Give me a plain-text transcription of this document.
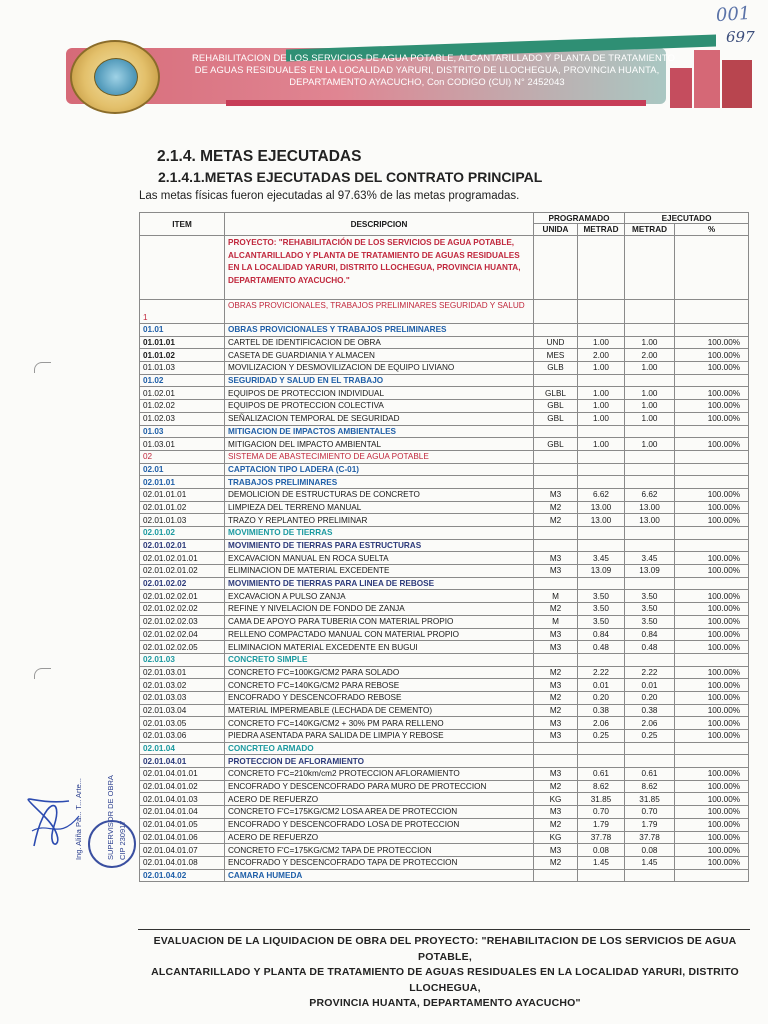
001
697
REHABILITACION DE LOS SERVICIOS DE AGUA POTABLE, ALCANTARILLADO Y PLANTA DE TRATAMIENTO
DE AGUAS RESIDUALES EN LA LOCALIDAD YARURI, DISTRITO DE LLOCHEGUA, PROVINCIA HUANTA,
DEPARTAMENTO AYACUCHO, Con CODIGO (CUI) N° 2452043
2.1.4. METAS EJECUTADAS
2.1.4.1.METAS EJECUTADAS DEL CONTRATO PRINCIPAL
Las metas físicas fueron ejecutadas al 97.63% de las metas programadas.
ITEM	DESCRIPCION	PROGRAMADO		EJECUTADO	
		UNIDA	METRAD	METRAD	%
	PROYECTO: "REHABILITACIÓN DE LOS SERVICIOS DE AGUA POTABLE, ALCANTARILLADO Y PLANTA DE TRATAMIENTO DE AGUAS RESIDUALES EN LA LOCALIDAD YARURI, DISTRITO LLOCHEGUA, PROVINCIA HUANTA, DEPARTAMENTO AYACUCHO."				
1	OBRAS PROVICIONALES, TRABAJOS PRELIMINARES SEGURIDAD Y SALUD				
01.01	OBRAS PROVICIONALES Y TRABAJOS PRELIMINARES				
01.01.01	CARTEL DE IDENTIFICACION DE OBRA	UND	1.00	1.00	100.00%
01.01.02	CASETA DE GUARDIANIA Y ALMACEN	MES	2.00	2.00	100.00%
01.01.03	MOVILIZACION Y DESMOVILIZACION DE EQUIPO LIVIANO	GLB	1.00	1.00	100.00%
01.02	SEGURIDAD Y SALUD EN EL TRABAJO				
01.02.01	EQUIPOS DE PROTECCION INDIVIDUAL	GLBL	1.00	1.00	100.00%
01.02.02	EQUIPOS DE PROTECCION COLECTIVA	GBL	1.00	1.00	100.00%
01.02.03	SEÑALIZACION TEMPORAL DE SEGURIDAD	GBL	1.00	1.00	100.00%
01.03	MITIGACION DE IMPACTOS AMBIENTALES				
01.03.01	MITIGACION DEL IMPACTO AMBIENTAL	GBL	1.00	1.00	100.00%
02	SISTEMA DE ABASTECIMIENTO DE AGUA POTABLE				
02.01	CAPTACION TIPO LADERA (C-01)				
02.01.01	TRABAJOS PRELIMINARES				
02.01.01.01	DEMOLICION DE ESTRUCTURAS DE CONCRETO	M3	6.62	6.62	100.00%
02.01.01.02	LIMPIEZA DEL TERRENO MANUAL	M2	13.00	13.00	100.00%
02.01.01.03	TRAZO Y REPLANTEO PRELIMINAR	M2	13.00	13.00	100.00%
02.01.02	MOVIMIENTO DE TIERRAS				
02.01.02.01	MOVIMIENTO DE TIERRAS PARA ESTRUCTURAS				
02.01.02.01.01	EXCAVACION MANUAL EN ROCA SUELTA	M3	3.45	3.45	100.00%
02.01.02.01.02	ELIMINACION DE MATERIAL EXCEDENTE	M3	13.09	13.09	100.00%
02.01.02.02	MOVIMIENTO DE TIERRAS PARA LINEA DE REBOSE				
02.01.02.02.01	EXCAVACION A PULSO ZANJA	M	3.50	3.50	100.00%
02.01.02.02.02	REFINE Y NIVELACION DE FONDO DE ZANJA	M2	3.50	3.50	100.00%
02.01.02.02.03	CAMA DE APOYO PARA TUBERIA CON MATERIAL PROPIO	M	3.50	3.50	100.00%
02.01.02.02.04	RELLENO COMPACTADO MANUAL CON MATERIAL PROPIO	M3	0.84	0.84	100.00%
02.01.02.02.05	ELIMINACION MATERIAL EXCEDENTE EN BUGUI	M3	0.48	0.48	100.00%
02.01.03	CONCRETO SIMPLE				
02.01.03.01	CONCRETO F'C=100KG/CM2 PARA SOLADO	M2	2.22	2.22	100.00%
02.01.03.02	CONCRETO F'C=140KG/CM2 PARA REBOSE	M3	0.01	0.01	100.00%
02.01.03.03	ENCOFRADO Y DESCENCOFRADO REBOSE	M2	0.20	0.20	100.00%
02.01.03.04	MATERIAL IMPERMEABLE (LECHADA DE CEMENTO)	M2	0.38	0.38	100.00%
02.01.03.05	CONCRETO F'C=140KG/CM2 + 30% PM PARA RELLENO	M3	2.06	2.06	100.00%
02.01.03.06	PIEDRA ASENTADA PARA SALIDA DE LIMPIA Y REBOSE	M3	0.25	0.25	100.00%
02.01.04	CONCRTEO ARMADO				
02.01.04.01	PROTECCION DE AFLORAMIENTO				
02.01.04.01.01	CONCRETO F'C=210km/cm2 PROTECCION AFLORAMIENTO	M3	0.61	0.61	100.00%
02.01.04.01.02	ENCOFRADO Y DESCENCOFRADO PARA MURO DE PROTECCION	M2	8.62	8.62	100.00%
02.01.04.01.03	ACERO DE REFUERZO	KG	31.85	31.85	100.00%
02.01.04.01.04	CONCRETO F'C=175KG/CM2 LOSA AREA DE PROTECCION	M3	0.70	0.70	100.00%
02.01.04.01.05	ENCOFRADO Y DESCENCOFRADO LOSA DE PROTECCION	M2	1.79	1.79	100.00%
02.01.04.01.06	ACERO DE REFUERZO	KG	37.78	37.78	100.00%
02.01.04.01.07	CONCRETO F'C=175KG/CM2 TAPA DE PROTECCION	M3	0.08	0.08	100.00%
02.01.04.01.08	ENCOFRADO Y DESCENCOFRADO TAPA DE PROTECCION	M2	1.45	1.45	100.00%
02.01.04.02	CAMARA HUMEDA				
Ing. Aliña Pa... T... Arte...	SUPERVISOR DE OBRA CIP 230917
EVALUACION DE LA LIQUIDACION DE OBRA DEL PROYECTO: "REHABILITACION DE LOS SERVICIOS DE AGUA POTABLE,
ALCANTARILLADO Y PLANTA DE TRATAMIENTO DE AGUAS RESIDUALES EN LA LOCALIDAD YARURI, DISTRITO LLOCHEGUA,
PROVINCIA HUANTA, DEPARTAMENTO AYACUCHO"
